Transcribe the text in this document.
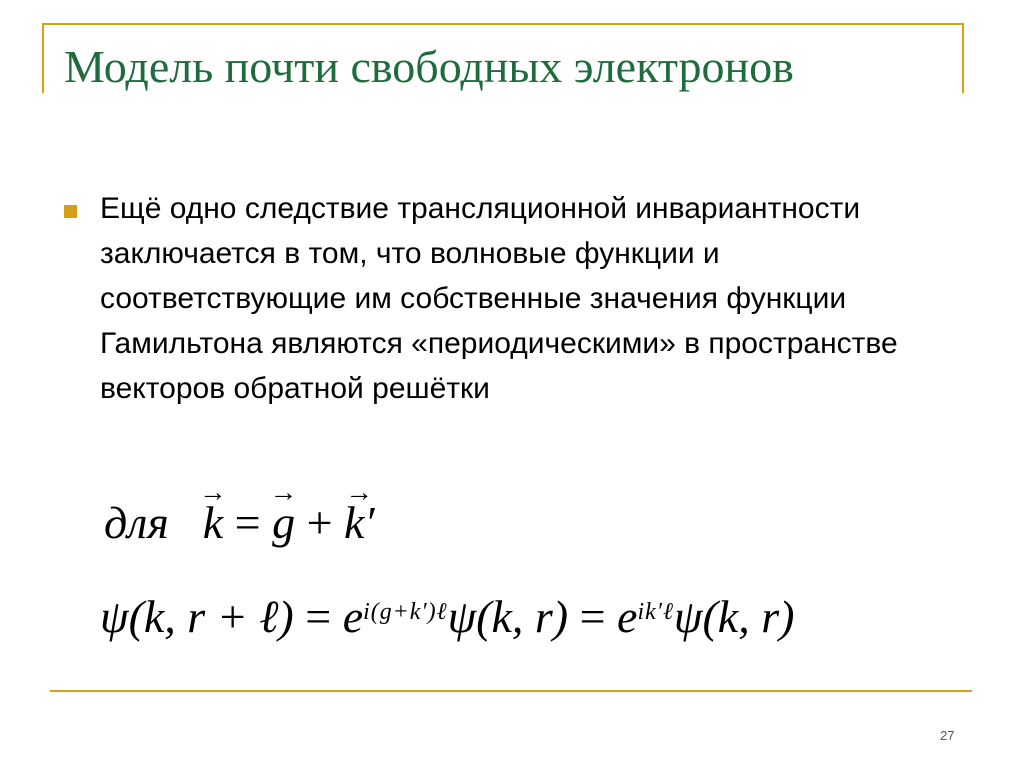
Модель почти свободных электронов

Ещё одно следствие трансляционной инвариантности заключается в том, что волновые функции и соответствующие им собственные значения функции Гамильтона являются «периодическими» в пространстве векторов обратной решётки

для → k = → g + → k′
ψ(k, r + ℓ) = $e^{i(g+k')\ell}\psi(k$, $r) = e^{ik'\ell}\psi(k$, r)
27
